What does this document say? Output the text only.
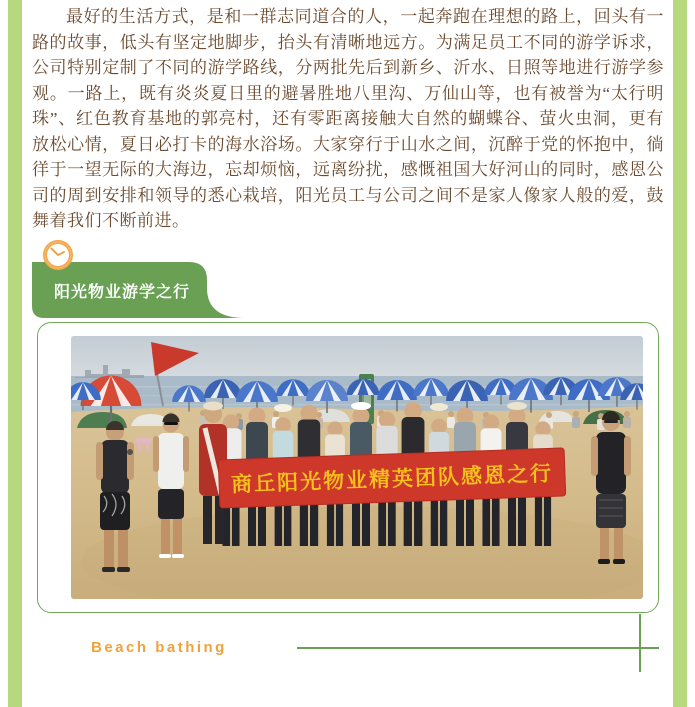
最好的生活方式，是和一群志同道合的人，一起奔跑在理想的路上，回头有一路的故事，低头有坚定地脚步，抬头有清晰地远方。为满足员工不同的游学诉求，公司特别定制了不同的游学路线，分两批先后到新乡、沂水、日照等地进行游学参观。一路上，既有炎炎夏日里的避暑胜地八里沟、万仙山等，也有被誉为“太行明珠”、红色教育基地的郭亮村，还有零距离接触大自然的蝴蝶谷、萤火虫洞，更有放松心情，夏日必打卡的海水浴场。大家穿行于山水之间，沉醉于党的怀抱中，徜徉于一望无际的大海边，忘却烦恼，远离纷扰，感慨祖国大好河山的同时，感恩公司的周到安排和领导的悉心栽培，阳光员工与公司之间不是家人像家人般的爱，鼓舞着我们不断前进。

阳光物业游学之行
商丘阳光物业精英团队感恩之行
Beach bathing
